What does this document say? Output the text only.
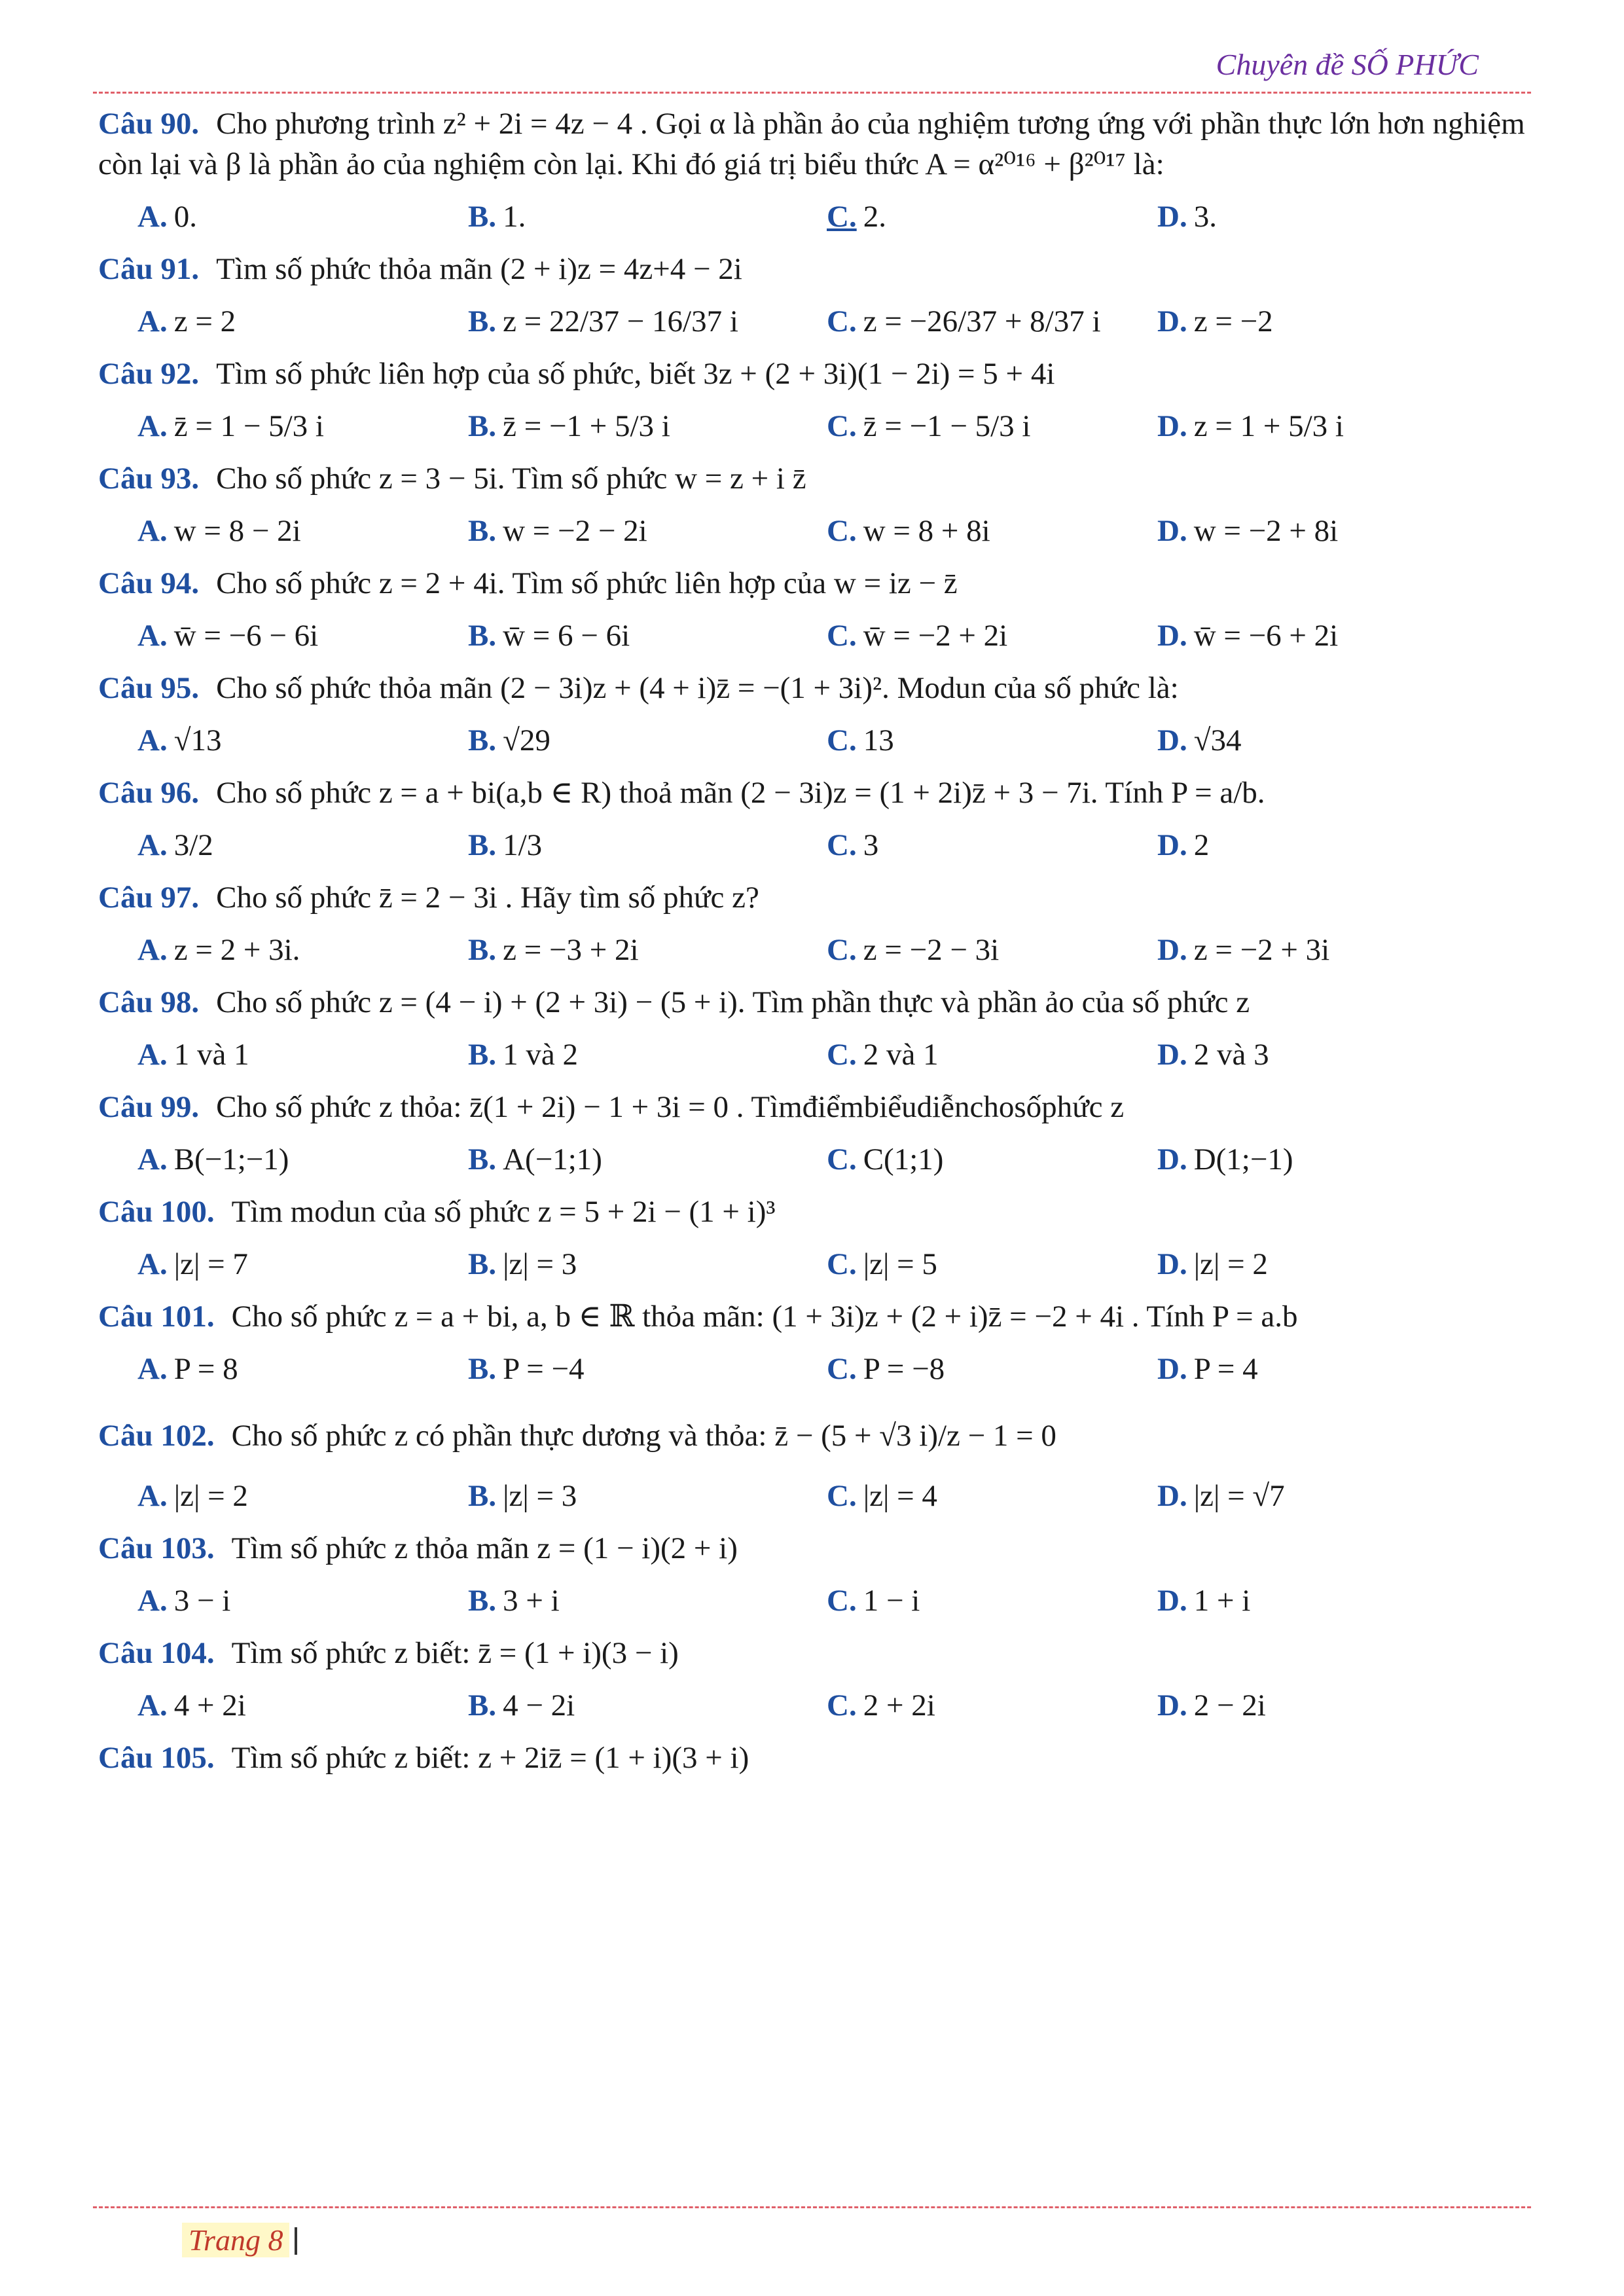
Chuyên đề SỐ PHỨC
Câu 90. Cho phương trình z² + 2i = 4z − 4 . Gọi α là phần ảo của nghiệm tương ứng với phần thực lớn hơn nghiệm còn lại và β là phần ảo của nghiệm còn lại. Khi đó giá trị biểu thức A = α²⁰¹⁶ + β²⁰¹⁷ là:
A. 0.	B. 1.	C. 2.	D. 3.
Câu 91. Tìm số phức thỏa mãn (2 + i)z = 4z+4 − 2i
A. z = 2	B. z = 22/37 − 16/37 i	C. z = −26/37 + 8/37 i D. z = −2
Câu 92. Tìm số phức liên hợp của số phức, biết 3z + (2 + 3i)(1 − 2i) = 5 + 4i
A. z̄ = 1 − 5/3 i	B. z̄ = −1 + 5/3 i	C. z̄ = −1 − 5/3 i	D. z = 1 + 5/3 i
Câu 93. Cho số phức z = 3 − 5i. Tìm số phức w = z + i z̄
A. w = 8 − 2i	B. w = −2 − 2i	C. w = 8 + 8i	D. w = −2 + 8i
Câu 94. Cho số phức z = 2 + 4i. Tìm số phức liên hợp của w = iz − z̄
A. w̄ = −6 − 6i	B. w̄ = 6 − 6i	C. w̄ = −2 + 2i	D. w̄ = −6 + 2i
Câu 95. Cho số phức thỏa mãn (2 − 3i)z + (4 + i)z̄ = −(1 + 3i)². Modun của số phức là:
A. √13	B. √29	C. 13	D. √34
Câu 96. Cho số phức z = a + bi(a,b ∈ R) thoả mãn (2 − 3i)z = (1 + 2i)z̄ + 3 − 7i. Tính P = a/b.
A. 3/2	B. 1/3	C. 3	D. 2
Câu 97. Cho số phức z̄ = 2 − 3i . Hãy tìm số phức z?
A. z = 2 + 3i.	B. z = −3 + 2i	C. z = −2 − 3i	D. z = −2 + 3i
Câu 98. Cho số phức z = (4 − i) + (2 + 3i) − (5 + i). Tìm phần thực và phần ảo của số phức z
A. 1 và 1	B. 1 và 2	C. 2 và 1	D. 2 và 3
Câu 99. Cho số phức z thỏa: z̄(1 + 2i) − 1 + 3i = 0 . Tìmđiểmbiểudiễnchosốphức z
A. B(−1;−1)	B. A(−1;1)	C. C(1;1)	D. D(1;−1)
Câu 100. Tìm modun của số phức z = 5 + 2i − (1 + i)³
A. |z| = 7	B. |z| = 3	C. |z| = 5	D. |z| = 2
Câu 101. Cho số phức z = a + bi, a, b ∈ ℝ thỏa mãn: (1 + 3i)z + (2 + i)z̄ = −2 + 4i . Tính P = a.b
A. P = 8	B. P = −4	C. P = −8	D. P = 4
Câu 102. Cho số phức z có phần thực dương và thỏa: z̄ − (5 + √3 i)/z − 1 = 0
A. |z| = 2	B. |z| = 3	C. |z| = 4	D. |z| = √7
Câu 103. Tìm số phức z thỏa mãn z = (1 − i)(2 + i)
A. 3 − i	B. 3 + i	C. 1 − i	D. 1 + i
Câu 104. Tìm số phức z biết: z̄ = (1 + i)(3 − i)
A. 4 + 2i	B. 4 − 2i	C. 2 + 2i	D. 2 − 2i
Câu 105. Tìm số phức z biết: z + 2iz̄ = (1 + i)(3 + i)
Trang 8
